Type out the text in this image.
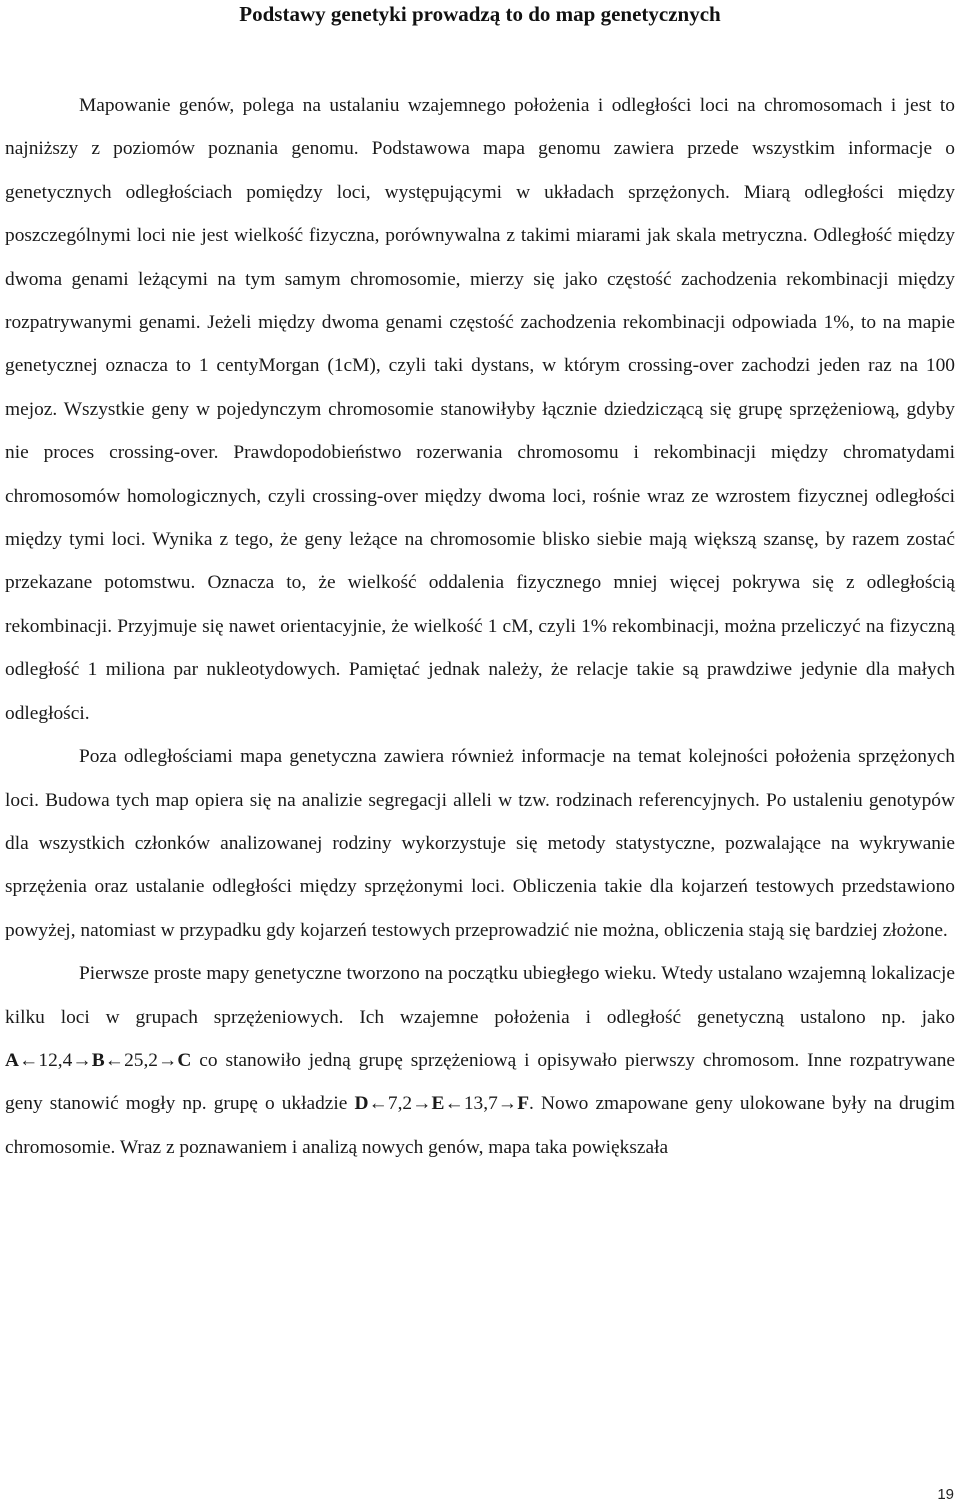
Podstawy genetyki prowadzą to do map genetycznych

Mapowanie genów, polega na ustalaniu wzajemnego położenia i odległości loci na chromosomach i jest to najniższy z poziomów poznania genomu. Podstawowa mapa genomu zawiera przede wszystkim informacje o genetycznych odległościach pomiędzy loci, występującymi w układach sprzężonych. Miarą odległości między poszczególnymi loci nie jest wielkość fizyczna, porównywalna z takimi miarami jak skala metryczna. Odległość między dwoma genami leżącymi na tym samym chromosomie, mierzy się jako częstość zachodzenia rekombinacji między rozpatrywanymi genami. Jeżeli między dwoma genami częstość zachodzenia rekombinacji odpowiada 1%, to na mapie genetycznej oznacza to 1 centyMorgan (1cM), czyli taki dystans, w którym crossing-over zachodzi jeden raz na 100 mejoz. Wszystkie geny w pojedynczym chromosomie stanowiłyby łącznie dziedziczącą się grupę sprzężeniową, gdyby nie proces crossing-over. Prawdopodobieństwo rozerwania chromosomu i rekombinacji między chromatydami chromosomów homologicznych, czyli crossing-over między dwoma loci, rośnie wraz ze wzrostem fizycznej odległości między tymi loci. Wynika z tego, że geny leżące na chromosomie blisko siebie mają większą szansę, by razem zostać przekazane potomstwu. Oznacza to, że wielkość oddalenia fizycznego mniej więcej pokrywa się z odległością rekombinacji. Przyjmuje się nawet orientacyjnie, że wielkość 1 cM, czyli 1% rekombinacji, można przeliczyć na fizyczną odległość 1 miliona par nukleotydowych. Pamiętać jednak należy, że relacje takie są prawdziwe jedynie dla małych odległości.

Poza odległościami mapa genetyczna zawiera również informacje na temat kolejności położenia sprzężonych loci. Budowa tych map opiera się na analizie segregacji alleli w tzw. rodzinach referencyjnych. Po ustaleniu genotypów dla wszystkich członków analizowanej rodziny wykorzystuje się metody statystyczne, pozwalające na wykrywanie sprzężenia oraz ustalanie odległości między sprzężonymi loci. Obliczenia takie dla kojarzeń testowych przedstawiono powyżej, natomiast w przypadku gdy kojarzeń testowych przeprowadzić nie można, obliczenia stają się bardziej złożone.

Pierwsze proste mapy genetyczne tworzono na początku ubiegłego wieku. Wtedy ustalano wzajemną lokalizacje kilku loci w grupach sprzężeniowych. Ich wzajemne położenia i odległość genetyczną ustalono np. jako A←12,4→B←25,2→C co stanowiło jedną grupę sprzężeniową i opisywało pierwszy chromosom. Inne rozpatrywane geny stanowić mogły np. grupę o układzie D←7,2→E←13,7→F. Nowo zmapowane geny ulokowane były na drugim chromosomie. Wraz z poznawaniem i analizą nowych genów, mapa taka powiększała

19
